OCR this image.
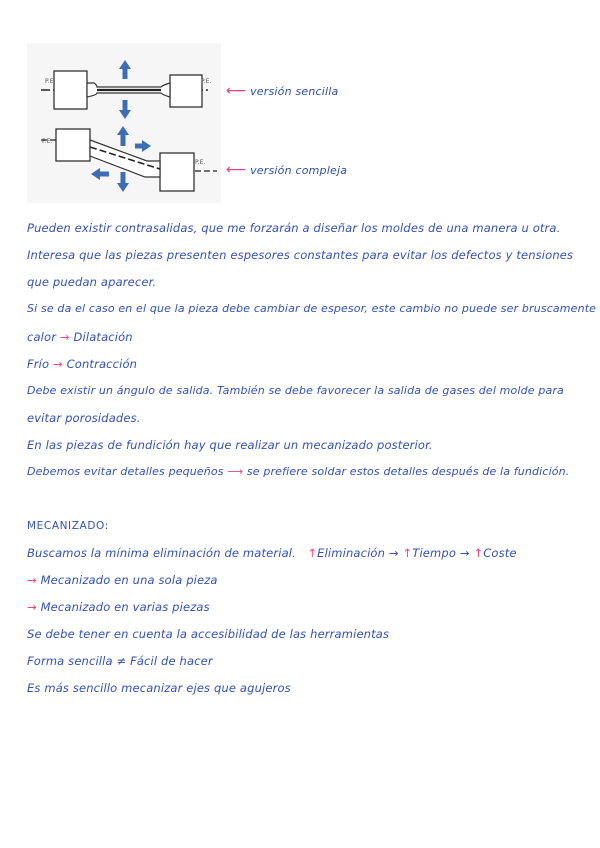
P.E.	P.E.
P.E.
P.E.
⟵ versión sencilla
⟵ versión compleja
Pueden existir contrasalidas, que me forzarán a diseñar los moldes de una manera u otra.
Interesa que las piezas presenten espesores constantes para evitar los defectos y tensiones
que puedan aparecer.
Si se da el caso en el que la pieza debe cambiar de espesor, este cambio no puede ser bruscamente
calor → Dilatación
Frío → Contracción
Debe existir un ángulo de salida. También se debe favorecer la salida de gases del molde para
evitar porosidades.
En las piezas de fundición hay que realizar un mecanizado posterior.
Debemos evitar detalles pequeños ⟶ se prefiere soldar estos detalles después de la fundición.
MECANIZADO:
Buscamos la mínima eliminación de material. ↑Eliminación → ↑Tiempo → ↑Coste
→ Mecanizado en una sola pieza
→ Mecanizado en varias piezas
Se debe tener en cuenta la accesibilidad de las herramientas
Forma sencilla ≠ Fácil de hacer
Es más sencillo mecanizar ejes que agujeros
